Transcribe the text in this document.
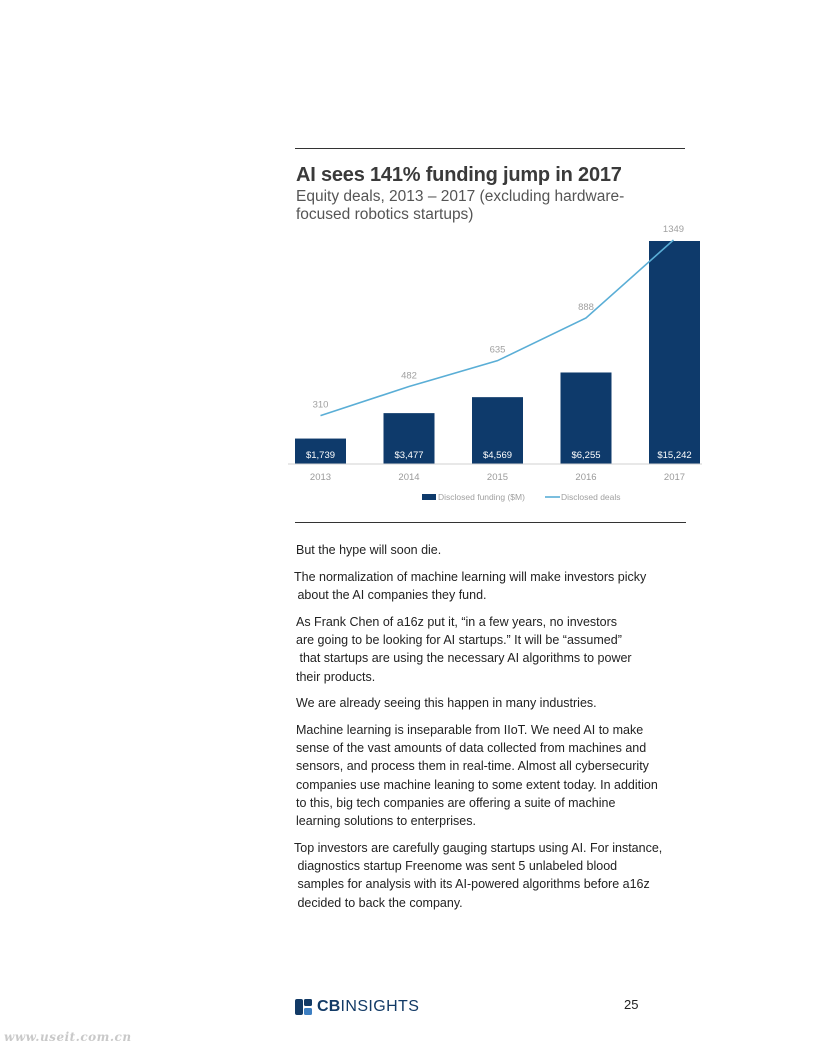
AI sees 141% funding jump in 2017
Equity deals, 2013 – 2017 (excluding hardware-focused robotics startups)
$1,739	$3,477	$4,569	$6,255	$15,242
310
482
635
888
1349
2013	2014	2015	2016	2017
Disclosed funding ($M)	Disclosed deals
But the hype will soon die.
The normalization of machine learning will make investors picky
about the AI companies they fund.
As Frank Chen of a16z put it, “in a few years, no investors
are going to be looking for AI startups.” It will be “assumed”
that startups are using the necessary AI algorithms to power
their products.
We are already seeing this happen in many industries.
Machine learning is inseparable from IIoT. We need AI to make
sense of the vast amounts of data collected from machines and
sensors, and process them in real-time. Almost all cybersecurity
companies use machine leaning to some extent today. In addition
to this, big tech companies are offering a suite of machine
learning solutions to enterprises.
Top investors are carefully gauging startups using AI. For instance,
diagnostics startup Freenome was sent 5 unlabeled blood
samples for analysis with its AI-powered algorithms before a16z
decided to back the company.
CB INSIGHTS	25
www.useit.com.cn
